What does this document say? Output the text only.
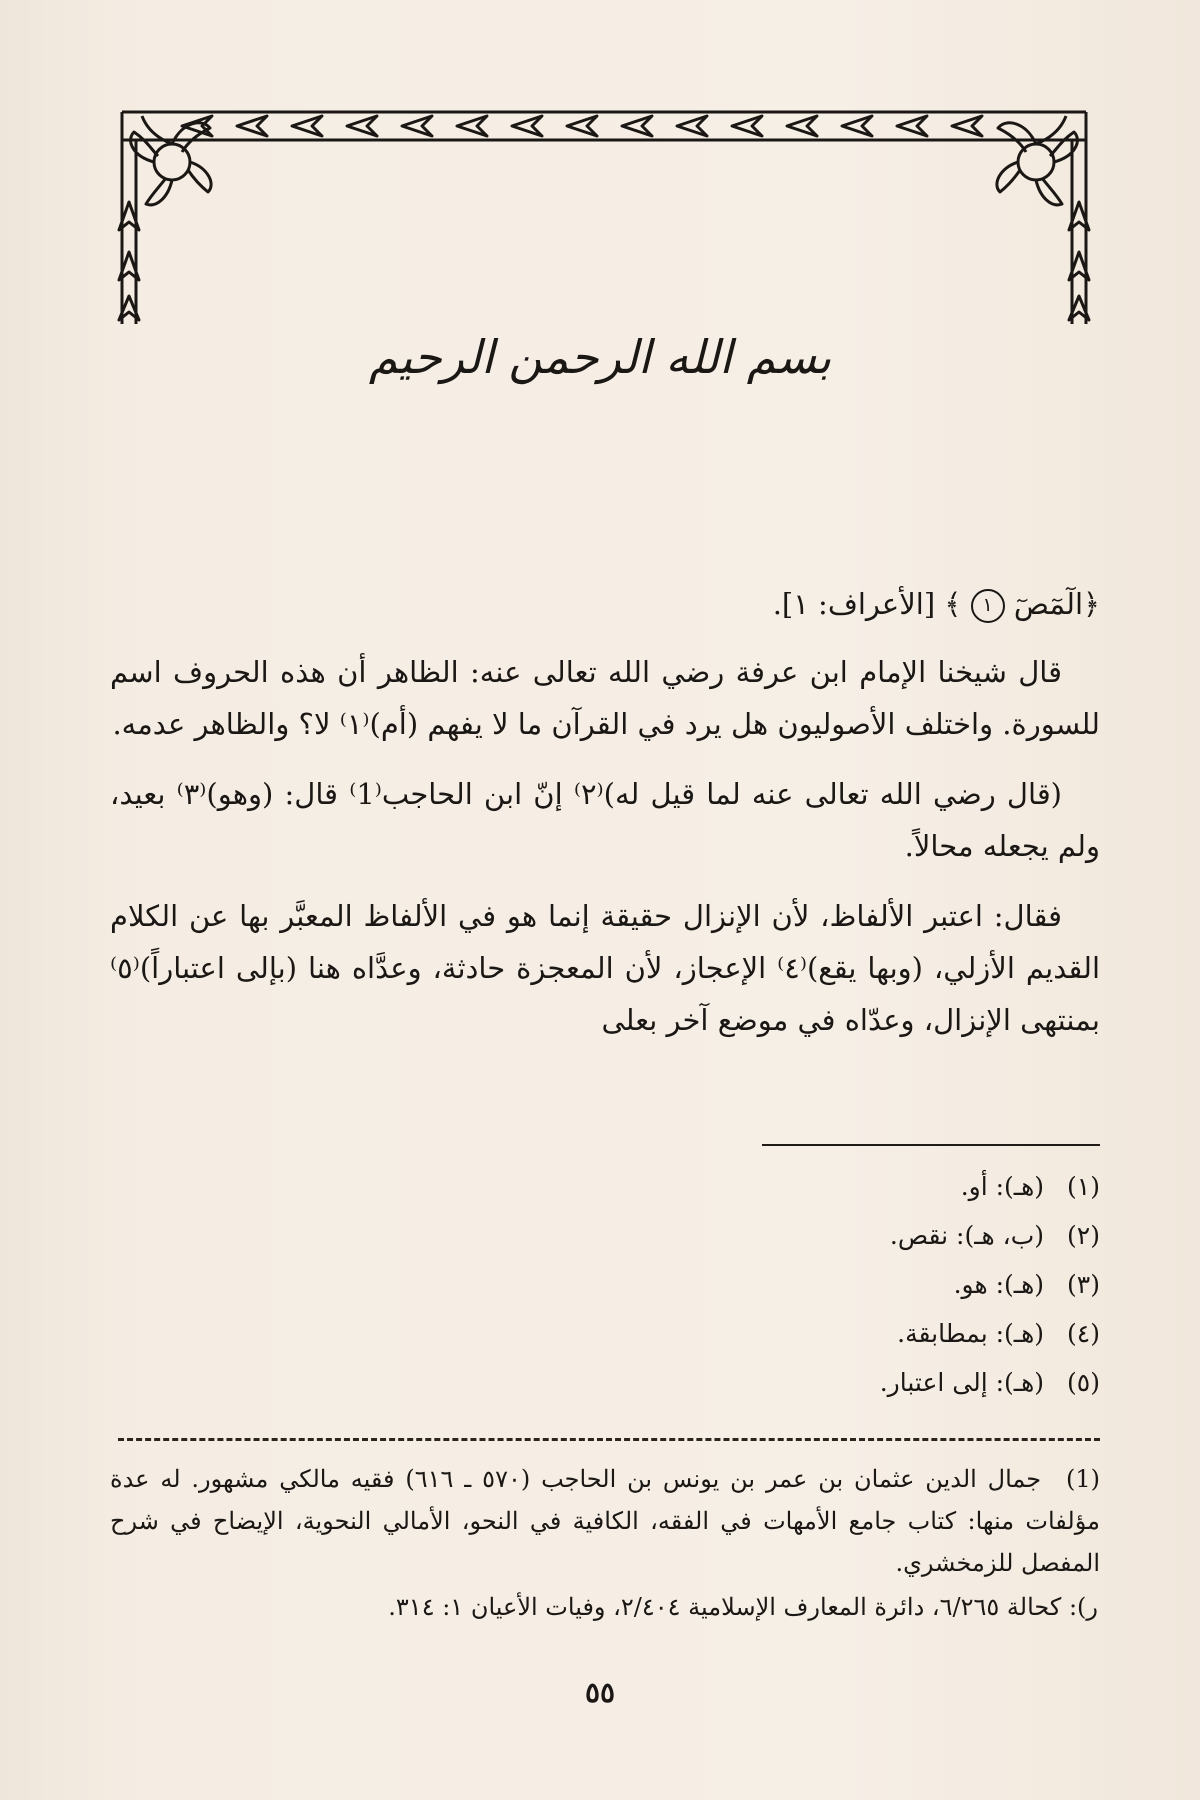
بسم الله الرحمن الرحيم

﴿الٓمٓصٓ ١ ﴾ [الأعراف: ١].

قال شيخنا الإمام ابن عرفة رضي الله تعالى عنه: الظاهر أن هذه الحروف اسم للسورة. واختلف الأصوليون هل يرد في القرآن ما لا يفهم (أم)⁽١⁾ لا؟ والظاهر عدمه.

(قال رضي الله تعالى عنه لما قيل له)⁽٢⁾ إنّ ابن الحاجب⁽1⁾ قال: (وهو)⁽٣⁾ بعيد، ولم يجعله محالاً.

فقال: اعتبر الألفاظ، لأن الإنزال حقيقة إنما هو في الألفاظ المعبَّر بها عن الكلام القديم الأزلي، (وبها يقع)⁽٤⁾ الإعجاز، لأن المعجزة حادثة، وعدَّاه هنا (بإلى اعتباراً)⁽٥⁾ بمنتهى الإنزال، وعدّاه في موضع آخر بعلى

(١) (هـ): أو.

(٢) (ب، هـ): نقص.

(٣) (هـ): هو.

(٤) (هـ): بمطابقة.

(٥) (هـ): إلى اعتبار.

(1) جمال الدين عثمان بن عمر بن يونس بن الحاجب (٥٧٠ ـ ٦١٦) فقيه مالكي مشهور. له عدة مؤلفات منها: كتاب جامع الأمهات في الفقه، الكافية في النحو، الأمالي النحوية، الإيضاح في شرح المفصل للزمخشري.

ر): كحالة ٦/٢٦٥، دائرة المعارف الإسلامية ٢/٤٠٤، وفيات الأعيان ١: ٣١٤.

٥٥
